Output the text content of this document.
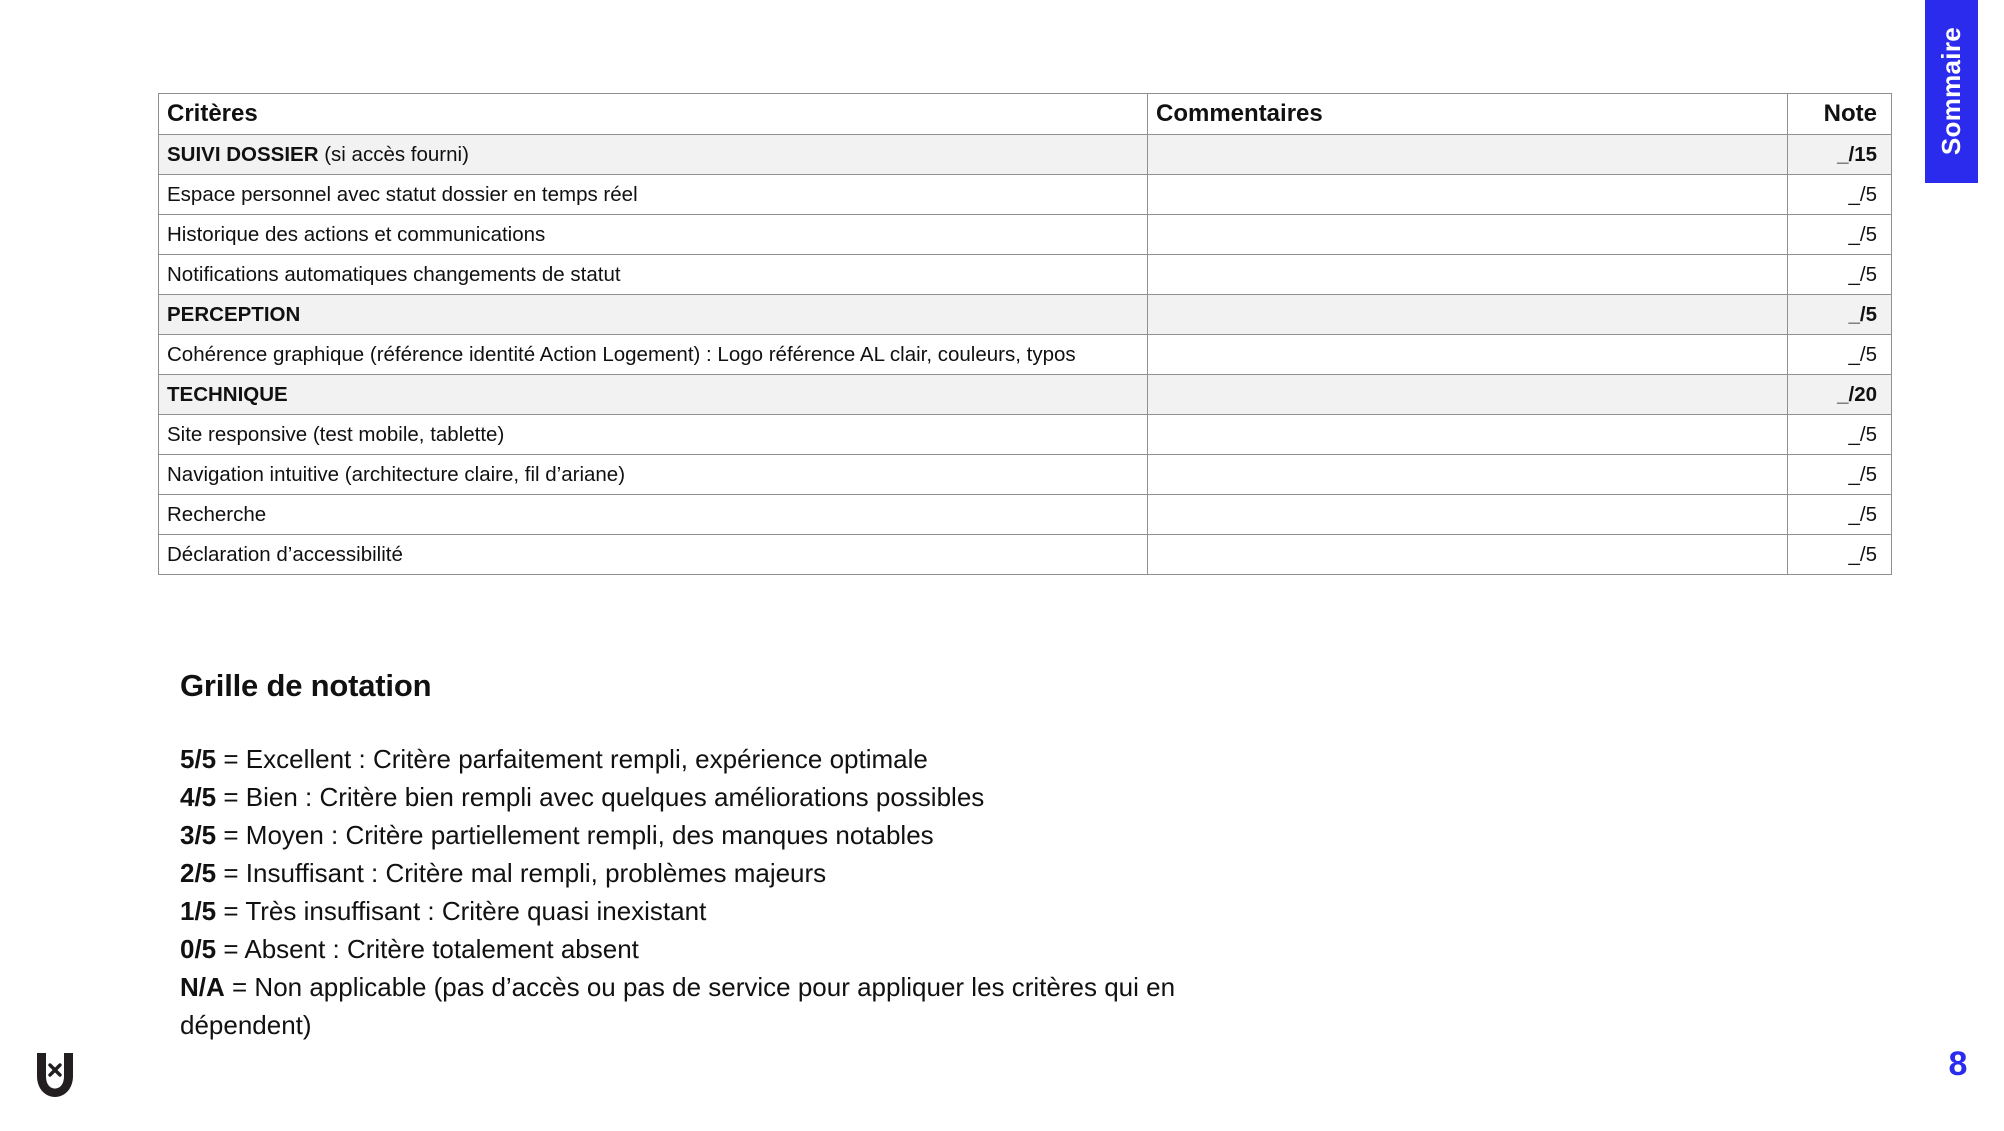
Sommaire
Critères	Commentaires	Note
SUIVI DOSSIER (si accès fourni)		_/15
Espace personnel avec statut dossier en temps réel		_/5
Historique des actions et communications		_/5
Notifications automatiques changements de statut		_/5
PERCEPTION		_/5
Cohérence graphique (référence identité Action Logement) : Logo référence AL clair, couleurs, typos		_/5
TECHNIQUE		_/20
Site responsive (test mobile, tablette)		_/5
Navigation intuitive (architecture claire, fil d’ariane)		_/5
Recherche		_/5
Déclaration d’accessibilité		_/5
Grille de notation
5/5 = Excellent : Critère parfaitement rempli, expérience optimale
4/5 = Bien : Critère bien rempli avec quelques améliorations possibles
3/5 = Moyen : Critère partiellement rempli, des manques notables
2/5 = Insuffisant : Critère mal rempli, problèmes majeurs
1/5 = Très insuffisant : Critère quasi inexistant
0/5 = Absent : Critère totalement absent
N/A = Non applicable (pas d’accès ou pas de service pour appliquer les critères qui en dépendent)
8
